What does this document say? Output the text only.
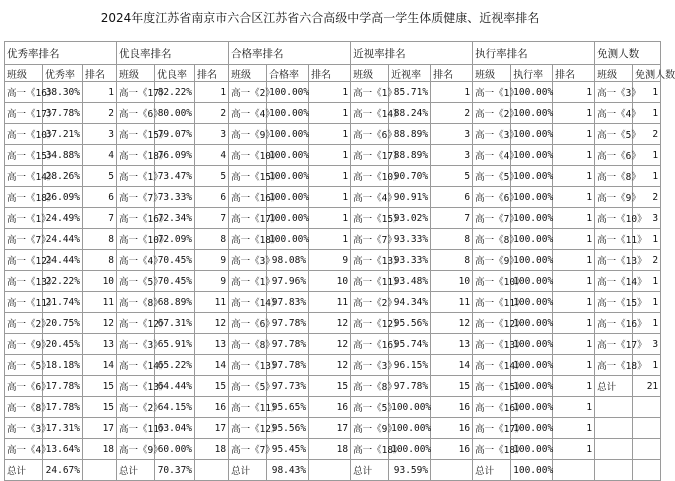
2024年度江苏省南京市六合区江苏省六合高级中学高一学生体质健康、近视率排名
优秀率排名			优良率排名			合格率排名			近视率排名			执行率排名			免测人数	
班级	优秀率	排名	班级	优良率	排名	班级	合格率	排名	班级	近视率	排名	班级	执行率	排名	班级	免测人数
高一《16》	38.30%	1	高一《17》	82.22%	1	高一《2》	100.00%	1	高一《1》	85.71%	1	高一《1》	100.00%	1	高一《3》	1
高一《17》	37.78%	2	高一《6》	80.00%	2	高一《4》	100.00%	1	高一《14》	88.24%	2	高一《2》	100.00%	1	高一《4》	1
高一《10》	37.21%	3	高一《15》	79.07%	3	高一《9》	100.00%	1	高一《6》	88.89%	3	高一《3》	100.00%	1	高一《5》	2
高一《15》	34.88%	4	高一《18》	76.09%	4	高一《10》	100.00%	1	高一《17》	88.89%	3	高一《4》	100.00%	1	高一《6》	1
高一《14》	28.26%	5	高一《1》	73.47%	5	高一《15》	100.00%	1	高一《10》	90.70%	5	高一《5》	100.00%	1	高一《8》	1
高一《18》	26.09%	6	高一《7》	73.33%	6	高一《16》	100.00%	1	高一《4》	90.91%	6	高一《6》	100.00%	1	高一《9》	2
高一《1》	24.49%	7	高一《16》	72.34%	7	高一《17》	100.00%	1	高一《15》	93.02%	7	高一《7》	100.00%	1	高一《10》	3
高一《7》	24.44%	8	高一《10》	72.09%	8	高一《18》	100.00%	1	高一《7》	93.33%	8	高一《8》	100.00%	1	高一《11》	1
高一《12》	24.44%	8	高一《4》	70.45%	9	高一《3》	98.08%	9	高一《13》	93.33%	8	高一《9》	100.00%	1	高一《13》	2
高一《13》	22.22%	10	高一《5》	70.45%	9	高一《1》	97.96%	10	高一《11》	93.48%	10	高一《10》	100.00%	1	高一《14》	1
高一《11》	21.74%	11	高一《8》	68.89%	11	高一《14》	97.83%	11	高一《2》	94.34%	11	高一《11》	100.00%	1	高一《15》	1
高一《2》	20.75%	12	高一《12》	67.31%	12	高一《6》	97.78%	12	高一《12》	95.56%	12	高一《12》	100.00%	1	高一《16》	1
高一《9》	20.45%	13	高一《3》	65.91%	13	高一《8》	97.78%	12	高一《16》	95.74%	13	高一《13》	100.00%	1	高一《17》	3
高一《5》	18.18%	14	高一《14》	65.22%	14	高一《13》	97.78%	12	高一《3》	96.15%	14	高一《14》	100.00%	1	高一《18》	1
高一《6》	17.78%	15	高一《13》	64.44%	15	高一《5》	97.73%	15	高一《8》	97.78%	15	高一《15》	100.00%	1	总计	21
高一《8》	17.78%	15	高一《2》	64.15%	16	高一《11》	95.65%	16	高一《5》	100.00%	16	高一《16》	100.00%	1		
高一《3》	17.31%	17	高一《11》	63.04%	17	高一《12》	95.56%	17	高一《9》	100.00%	16	高一《17》	100.00%	1		
高一《4》	13.64%	18	高一《9》	60.00%	18	高一《7》	95.45%	18	高一《18》	100.00%	16	高一《18》	100.00%	1		
总计	24.67%		总计	70.37%		总计	98.43%		总计	93.59%		总计	100.00%			
